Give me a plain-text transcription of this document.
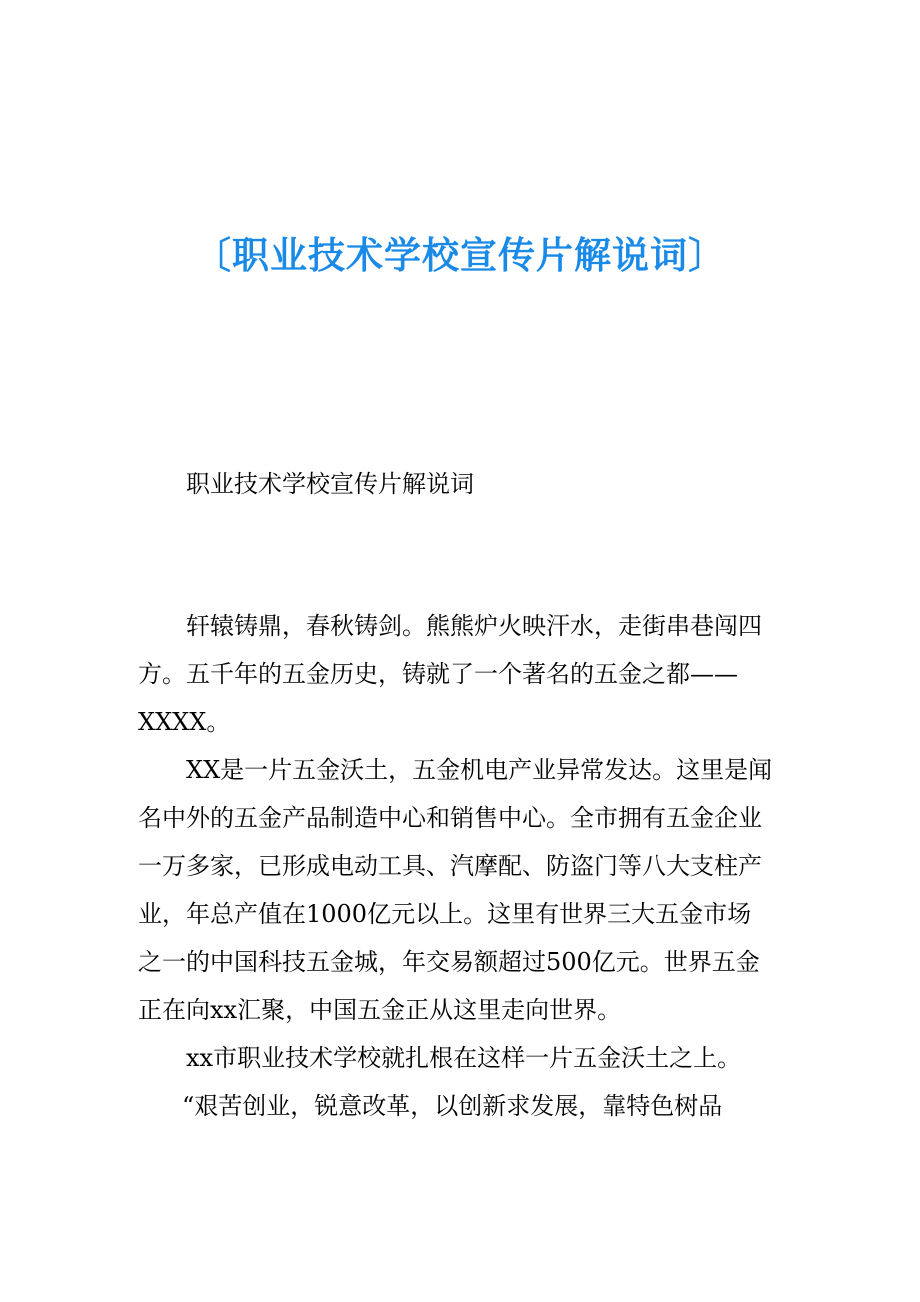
〔职业技术学校宣传片解说词〕
职业技术学校宣传片解说词
轩辕铸鼎，春秋铸剑。熊熊炉火映汗水，走街串巷闯四
方。五千年的五金历史，铸就了一个著名的五金之都——
XXXX。
XX是一片五金沃土，五金机电产业异常发达。这里是闻
名中外的五金产品制造中心和销售中心。全市拥有五金企业
一万多家，已形成电动工具、汽摩配、防盗门等八大支柱产
业，年总产值在1000亿元以上。这里有世界三大五金市场
之一的中国科技五金城，年交易额超过500亿元。世界五金
正在向xx汇聚，中国五金正从这里走向世界。
xx市职业技术学校就扎根在这样一片五金沃土之上。
“艰苦创业，锐意改革，以创新求发展，靠特色树品
